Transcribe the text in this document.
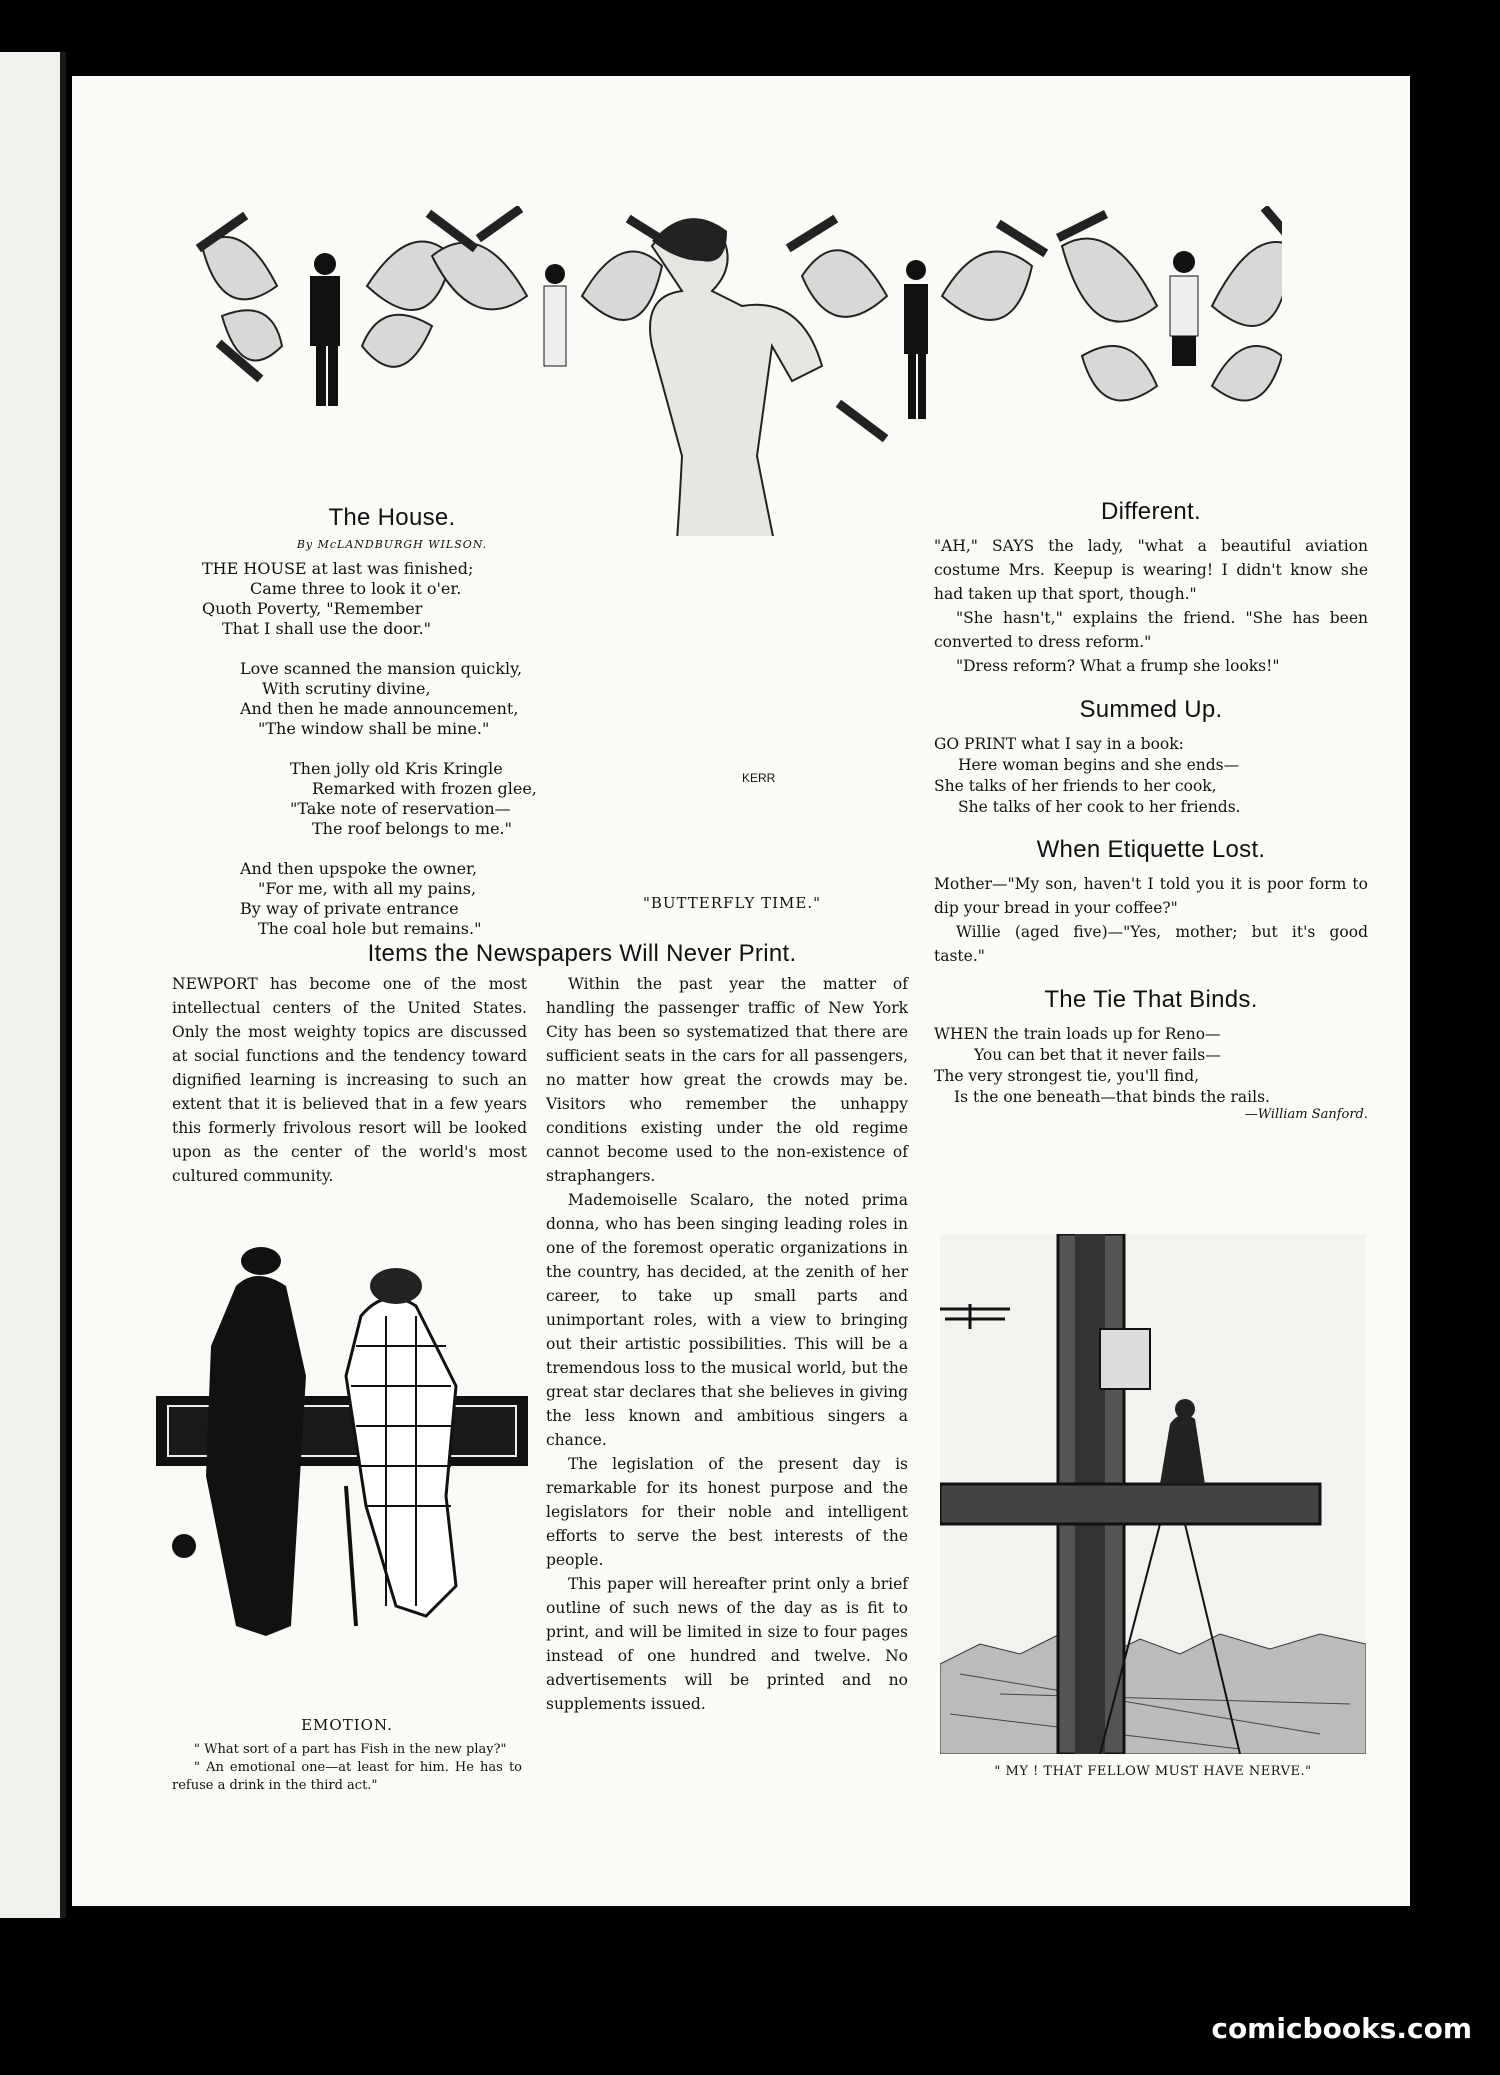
The House.
By McLANDBURGH WILSON.
THE HOUSE at last was finished;
Came three to look it o'er.
Quoth Poverty, "Remember
That I shall use the door."
Love scanned the mansion quickly,
With scrutiny divine,
And then he made announcement,
"The window shall be mine."
Then jolly old Kris Kringle
Remarked with frozen glee,
"Take note of reservation—
The roof belongs to me."
And then upspoke the owner,
"For me, with all my pains,
By way of private entrance
The coal hole but remains."
"BUTTERFLY TIME."
KERR
Different.

"AH," SAYS the lady, "what a beautiful aviation costume Mrs. Keepup is wearing! I didn't know she had taken up that sport, though."

"She hasn't," explains the friend. "She has been converted to dress reform."

"Dress reform? What a frump she looks!"

Summed Up.
GO PRINT what I say in a book:
Here woman begins and she ends—
She talks of her friends to her cook,
She talks of her cook to her friends.
When Etiquette Lost.

Mother—"My son, haven't I told you it is poor form to dip your bread in your coffee?"

Willie (aged five)—"Yes, mother; but it's good taste."

The Tie That Binds.
WHEN the train loads up for Reno—
You can bet that it never fails—
The very strongest tie, you'll find,
Is the one beneath—that binds the rails.
—William Sanford.
Items the Newspapers Will Never Print.

NEWPORT has become one of the most intellectual centers of the United States. Only the most weighty topics are discussed at social functions and the tendency toward dignified learning is increasing to such an extent that it is believed that in a few years this formerly frivolous resort will be looked upon as the center of the world's most cultured community.

Within the past year the matter of handling the passenger traffic of New York City has been so systematized that there are sufficient seats in the cars for all passengers, no matter how great the crowds may be. Visitors who remember the unhappy conditions existing under the old regime cannot become used to the non-existence of straphangers.

Mademoiselle Scalaro, the noted prima donna, who has been singing leading roles in one of the foremost operatic organizations in the country, has decided, at the zenith of her career, to take up small parts and unimportant roles, with a view to bringing out their artistic possibilities. This will be a tremendous loss to the musical world, but the great star declares that she believes in giving the less known and ambitious singers a chance.

The legislation of the present day is remarkable for its honest purpose and the legislators for their noble and intelligent efforts to serve the best interests of the people.

This paper will hereafter print only a brief outline of such news of the day as is fit to print, and will be limited in size to four pages instead of one hundred and twelve. No advertisements will be printed and no supplements issued.

EMOTION.
" What sort of a part has Fish in the new play?"
" An emotional one—at least for him. He has to refuse a drink in the third act."
" MY ! THAT FELLOW MUST HAVE NERVE."
comicbooks.com
